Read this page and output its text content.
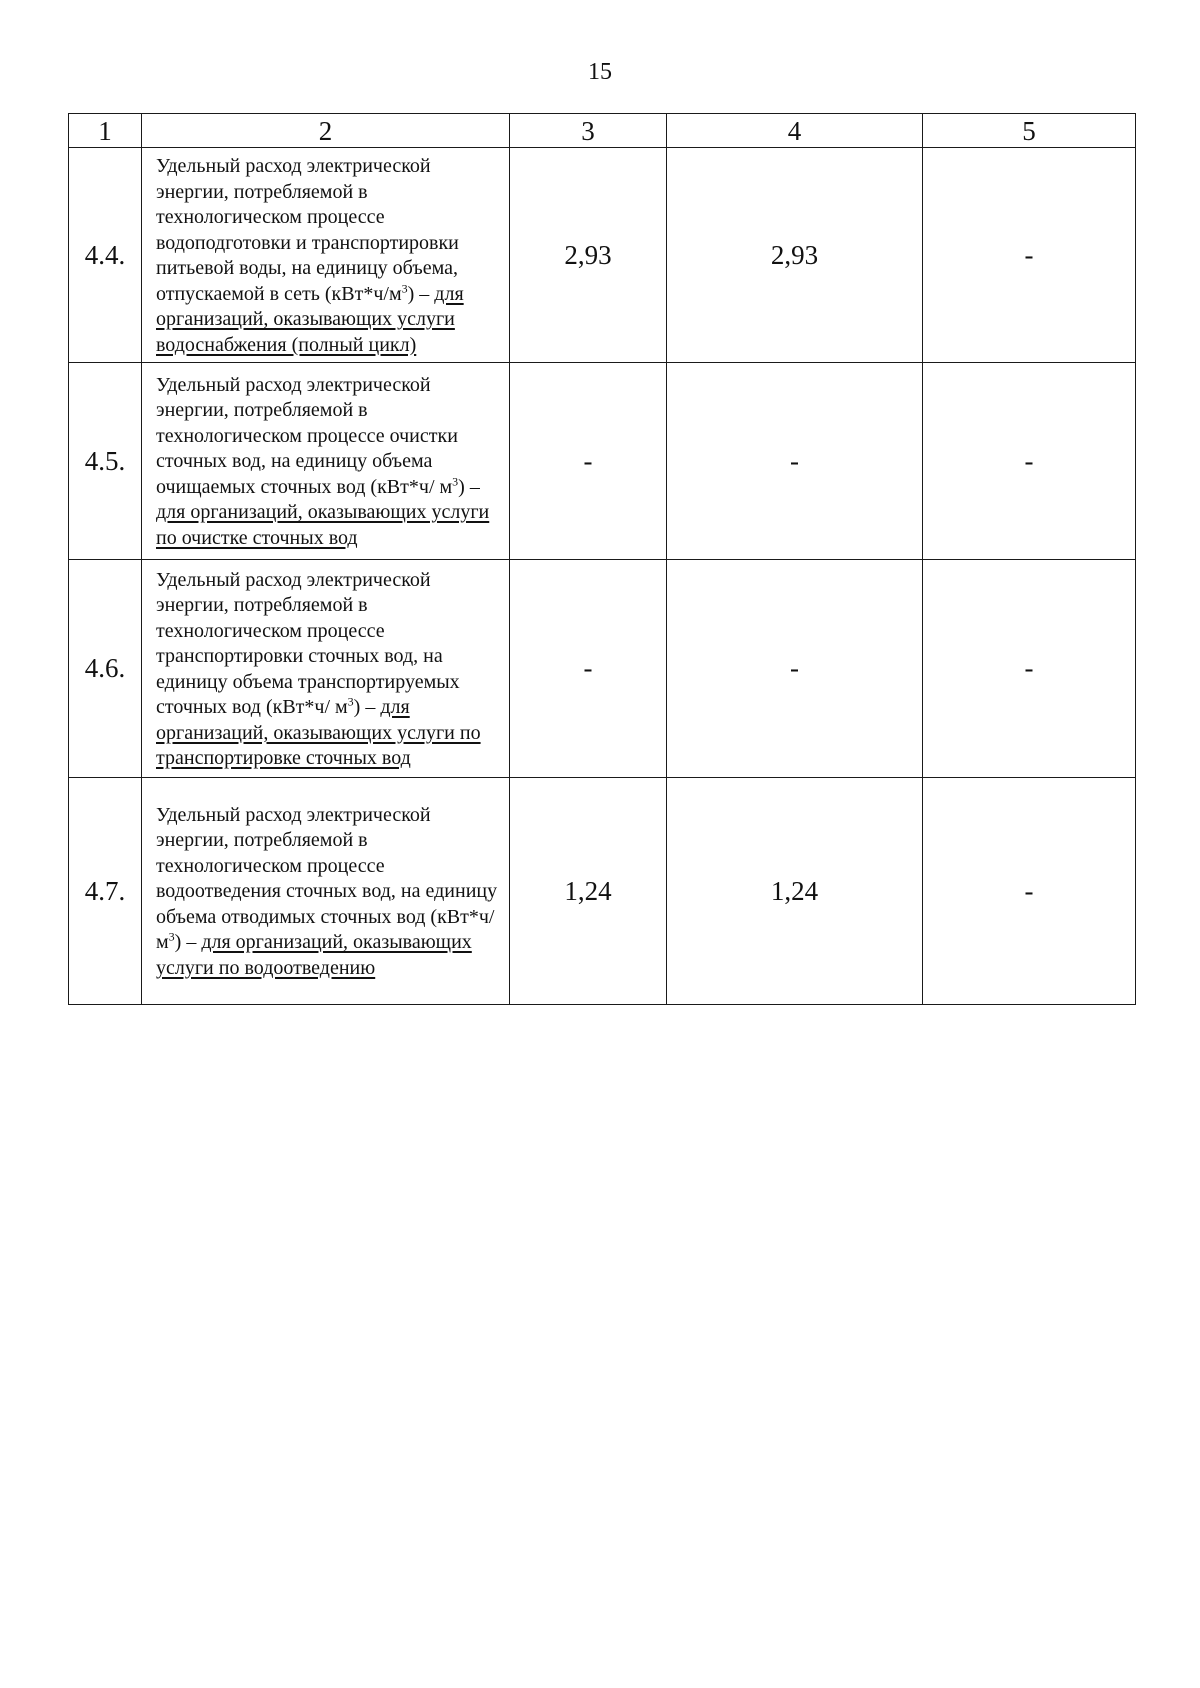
15
1	2	3	4	5
4.4.	Удельный расход электрической энергии, потребляемой в технологическом процессе водоподготовки и транспортировки питьевой воды, на единицу объема, отпускаемой в сеть $(кВт*ч/м^3)$ – для организаций, оказывающих услуги водоснабжения (полный цикл)	2,93	2,93	-
4.5.	Удельный расход электрической энергии, потребляемой в технологическом процессе очистки сточных вод, на единицу объема очищаемых сточных вод (кВт*ч/ $м^3$) – для организаций, оказывающих услуги по очистке сточных вод	-	-	-
4.6.	Удельный расход электрической энергии, потребляемой в технологическом процессе транспортировки сточных вод, на единицу объема транспортируемых сточных вод (кВт*ч/ $м^3$) – для организаций, оказывающих услуги по транспортировке сточных вод	-	-	-
4.7.	Удельный расход электрической энергии, потребляемой в технологическом процессе водоотведения сточных вод, на единицу объема отводимых сточных вод (кВт*ч/ $м^3$) – для организаций, оказывающих услуги по водоотведению	1,24	1,24	-
